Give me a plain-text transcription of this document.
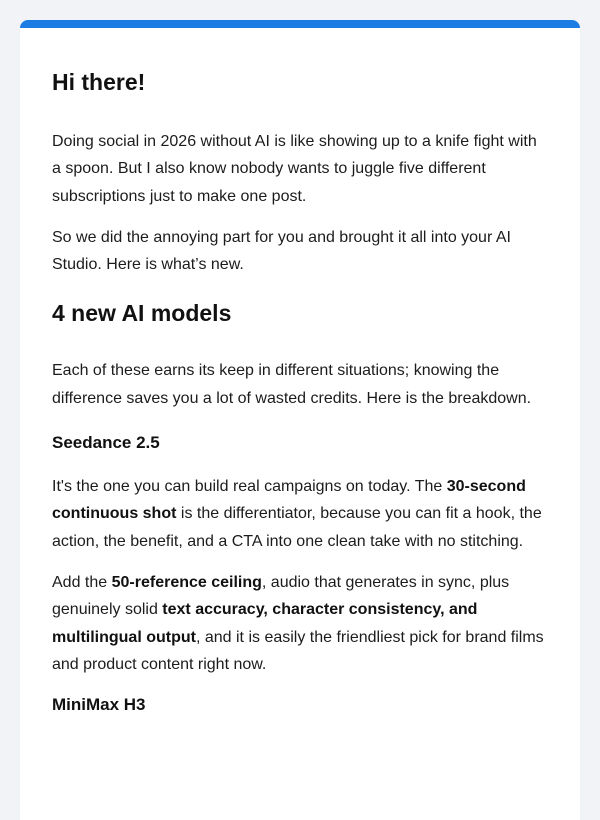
Hi there!

Doing social in 2026 without AI is like showing up to a knife fight with a spoon. But I also know nobody wants to juggle five different subscriptions just to make one post.

So we did the annoying part for you and brought it all into your AI Studio. Here is what’s new.

4 new AI models

Each of these earns its keep in different situations; knowing the difference saves you a lot of wasted credits. Here is the breakdown.

Seedance 2.5

It's the one you can build real campaigns on today. The 30-second continuous shot is the differentiator, because you can fit a hook, the action, the benefit, and a CTA into one clean take with no stitching.

Add the 50-reference ceiling, audio that generates in sync, plus genuinely solid text accuracy, character consistency, and multilingual output, and it is easily the friendliest pick for brand films and product content right now.

MiniMax H3
